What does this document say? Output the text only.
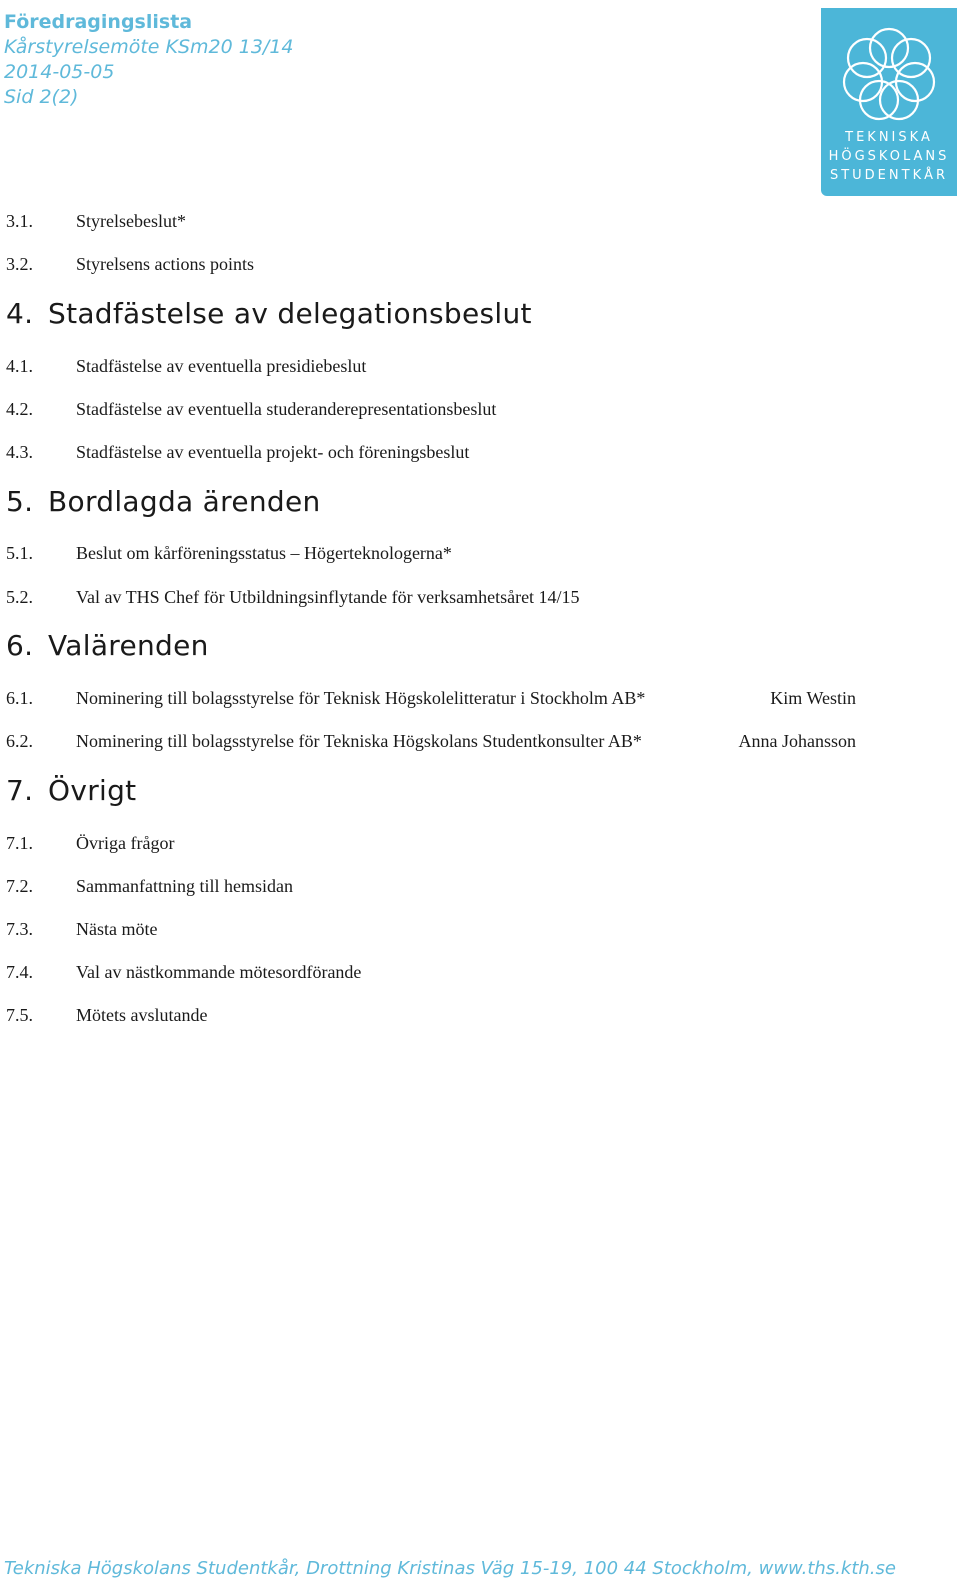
Föredragingslista
Kårstyrelsemöte KSm20 13/14
2014-05-05
Sid 2(2)
TEKNISKA
HÖGSKOLANS
STUDENTKÅR
3.1. Styrelsebeslut*
3.2. Styrelsens actions points
4. Stadfästelse av delegationsbeslut
4.1. Stadfästelse av eventuella presidiebeslut
4.2. Stadfästelse av eventuella studeranderepresentationsbeslut
4.3. Stadfästelse av eventuella projekt- och föreningsbeslut
5. Bordlagda ärenden
5.1. Beslut om kårföreningsstatus – Högerteknologerna*
5.2. Val av THS Chef för Utbildningsinflytande för verksamhetsåret 14/15
6. Valärenden
6.1. Nominering till bolagsstyrelse för Teknisk Högskolelitteratur i Stockholm AB*	Kim Westin
6.2. Nominering till bolagsstyrelse för Tekniska Högskolans Studentkonsulter AB*	Anna Johansson
7. Övrigt
7.1. Övriga frågor
7.2. Sammanfattning till hemsidan
7.3. Nästa möte
7.4. Val av nästkommande mötesordförande
7.5. Mötets avslutande
Tekniska Högskolans Studentkår, Drottning Kristinas Väg 15-19, 100 44 Stockholm, www.ths.kth.se
